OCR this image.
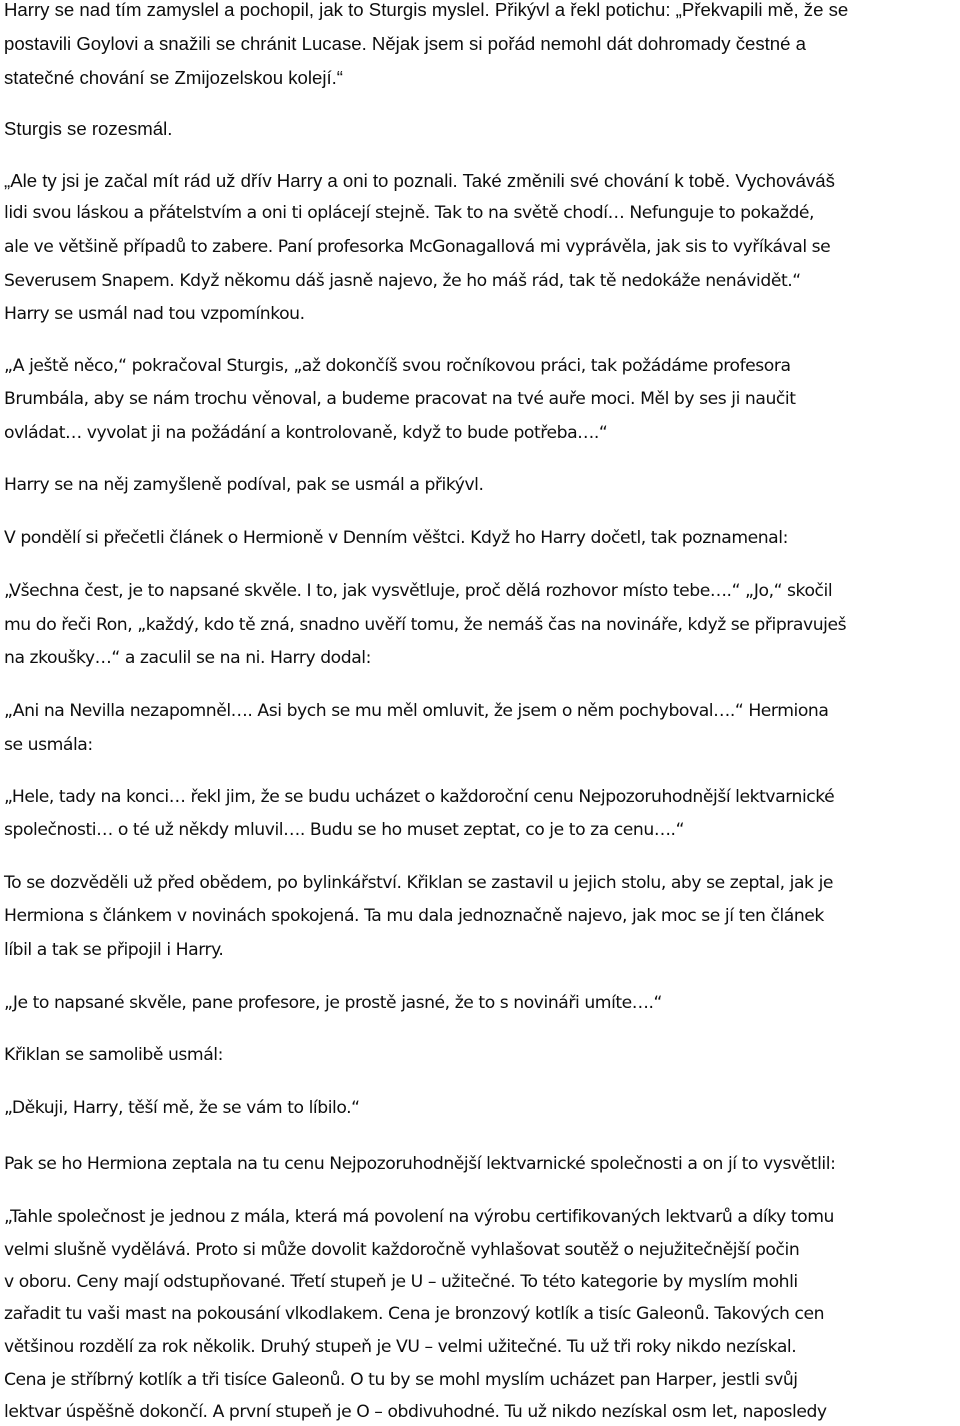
Harry se nad tím zamyslel a pochopil, jak to Sturgis myslel. Přikývl a řekl potichu: „Překvapili mě, že se
postavili Goylovi a snažili se chránit Lucase. Nějak jsem si pořád nemohl dát dohromady čestné a
statečné chování se Zmijozelskou kolejí.“
Sturgis se rozesmál.
„Ale ty jsi je začal mít rád už dřív Harry a oni to poznali. Také změnili své chování k tobě. Vychováváš
lidi svou láskou a přátelstvím a oni ti oplácejí stejně. Tak to na světě chodí… Nefunguje to pokaždé,
ale ve většině případů to zabere. Paní profesorka McGonagallová mi vyprávěla, jak sis to vyříkával se
Severusem Snapem. Když někomu dáš jasně najevo, že ho máš rád, tak tě nedokáže nenávidět.“
Harry se usmál nad tou vzpomínkou.
„A ještě něco,“ pokračoval Sturgis, „až dokončíš svou ročníkovou práci, tak požádáme profesora
Brumbála, aby se nám trochu věnoval, a budeme pracovat na tvé auře moci. Měl by ses ji naučit
ovládat… vyvolat ji na požádání a kontrolovaně, když to bude potřeba….“
Harry se na něj zamyšleně podíval, pak se usmál a přikývl.
V pondělí si přečetli článek o Hermioně v Denním věštci. Když ho Harry dočetl, tak poznamenal:
„Všechna čest, je to napsané skvěle. I to, jak vysvětluje, proč dělá rozhovor místo tebe….“ „Jo,“ skočil
mu do řeči Ron, „každý, kdo tě zná, snadno uvěří tomu, že nemáš čas na novináře, když se připravuješ
na zkoušky…“ a zaculil se na ni. Harry dodal:
„Ani na Nevilla nezapomněl…. Asi bych se mu měl omluvit, že jsem o něm pochyboval….“ Hermiona
se usmála:
„Hele, tady na konci… řekl jim, že se budu ucházet o každoroční cenu Nejpozoruhodnější lektvarnické
společnosti… o té už někdy mluvil…. Budu se ho muset zeptat, co je to za cenu….“
To se dozvěděli už před obědem, po bylinkářství. Křiklan se zastavil u jejich stolu, aby se zeptal, jak je
Hermiona s článkem v novinách spokojená. Ta mu dala jednoznačně najevo, jak moc se jí ten článek
líbil a tak se připojil i Harry.
„Je to napsané skvěle, pane profesore, je prostě jasné, že to s novináři umíte….“
Křiklan se samolibě usmál:
„Děkuji, Harry, těší mě, že se vám to líbilo.“
Pak se ho Hermiona zeptala na tu cenu Nejpozoruhodnější lektvarnické společnosti a on jí to vysvětlil:
„Tahle společnost je jednou z mála, která má povolení na výrobu certifikovaných lektvarů a díky tomu
velmi slušně vydělává. Proto si může dovolit každoročně vyhlašovat soutěž o nejužitečnější počin
v oboru. Ceny mají odstupňované. Třetí stupeň je U – užitečné. To této kategorie by myslím mohli
zařadit tu vaši mast na pokousání vlkodlakem. Cena je bronzový kotlík a tisíc Galeonů. Takových cen
většinou rozdělí za rok několik. Druhý stupeň je VU – velmi užitečné. Tu už tři roky nikdo nezískal.
Cena je stříbrný kotlík a tři tisíce Galeonů. O tu by se mohl myslím ucházet pan Harper, jestli svůj
lektvar úspěšně dokončí. A první stupeň je O – obdivuhodné. Tu už nikdo nezískal osm let, naposledy
